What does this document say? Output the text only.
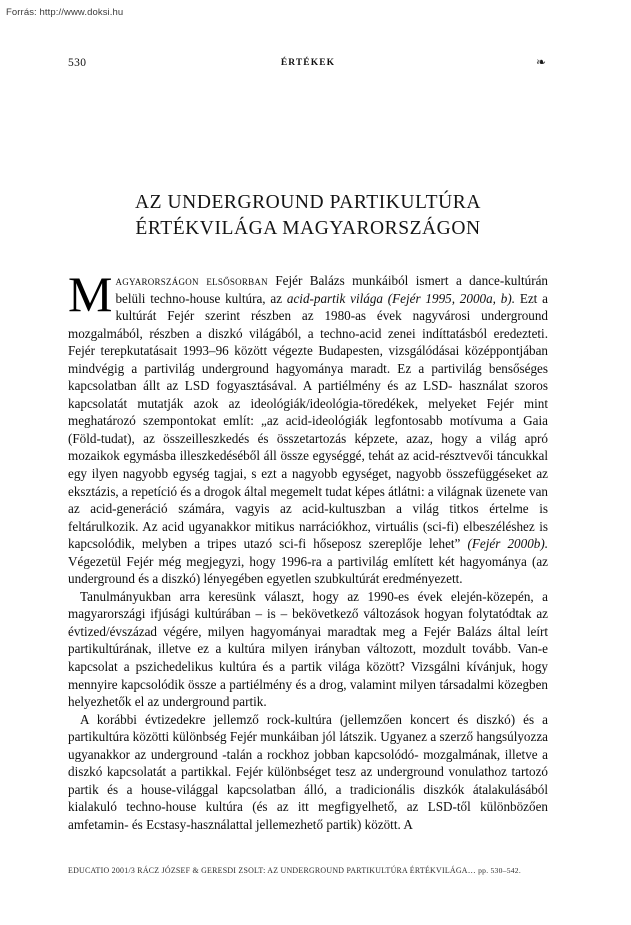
Forrás: http://www.doksi.hu
530	ÉRTÉKEK	❧
AZ UNDERGROUND PARTIKULTÚRA
ÉRTÉKVILÁGA MAGYARORSZÁGON

Magyarországon elsősorban Fejér Balázs munkáiból ismert a dance-kultúrán belüli techno-house kultúra, az acid-partik világa (Fejér 1995, 2000a, b). Ezt a kultúrát Fejér szerint részben az 1980-as évek nagyvárosi underground mozgalmából, részben a diszkó világából, a techno-acid zenei indíttatásból eredezteti. Fejér terepkutatásait 1993–96 között végezte Budapesten, vizsgálódásai középpontjában mindvégig a partivilág underground hagyománya maradt. Ez a partivilág bensőséges kapcsolatban állt az LSD fogyasztásával. A partiélmény és az LSD- használat szoros kapcsolatát mutatják azok az ideológiák/ideológia-töredékek, melyeket Fejér mint meghatározó szempontokat említ: „az acid-ideológiák legfontosabb motívuma a Gaia (Föld-tudat), az összeilleszkedés és összetartozás képzete, azaz, hogy a világ apró mozaikok egymásba illeszkedéséből áll össze egységgé, tehát az acid-résztvevői táncukkal egy ilyen nagyobb egység tagjai, s ezt a nagyobb egységet, nagyobb összefüggéseket az eksztázis, a repetíció és a drogok által megemelt tudat képes átlátni: a világnak üzenete van az acid-generáció számára, vagyis az acid-kultuszban a világ titkos értelme is feltárulkozik. Az acid ugyanakkor mitikus narrációkhoz, virtuális (sci-fi) elbeszéléshez is kapcsolódik, melyben a tripes utazó sci-fi hőseposz szereplője lehet” (Fejér 2000b). Végezetül Fejér még megjegyzi, hogy 1996-ra a partivilág említett két hagyománya (az underground és a diszkó) lényegében egyetlen szubkultúrát eredményezett.

Tanulmányukban arra keresünk választ, hogy az 1990-es évek elején-közepén, a magyarországi ifjúsági kultúrában – is – bekövetkező változások hogyan folytatódtak az évtized/évszázad végére, milyen hagyományai maradtak meg a Fejér Balázs által leírt partikultúrának, illetve ez a kultúra milyen irányban változott, mozdult tovább. Van-e kapcsolat a pszichedelikus kultúra és a partik világa között? Vizsgálni kívánjuk, hogy mennyire kapcsolódik össze a partiélmény és a drog, valamint milyen társadalmi közegben helyezhetők el az underground partik.

A korábbi évtizedekre jellemző rock-kultúra (jellemzően koncert és diszkó) és a partikultúra közötti különbség Fejér munkáiban jól látszik. Ugyanez a szerző hangsúlyozza ugyanakkor az underground -talán a rockhoz jobban kapcsolódó- mozgalmának, illetve a diszkó kapcsolatát a partikkal. Fejér különbséget tesz az underground vonulathoz tartozó partik és a house-világgal kapcsolatban álló, a tradicionális diszkók átalakulásából kialakuló techno-house kultúra (és az itt megfigyelhető, az LSD-től különbözően amfetamin- és Ecstasy-használattal jellemezhető partik) között. A

EDUCATIO 2001/3 RÁCZ JÓZSEF & GERESDI ZSOLT: AZ UNDERGROUND PARTIKULTÚRA ÉRTÉKVILÁGA… pp. 530–542.
